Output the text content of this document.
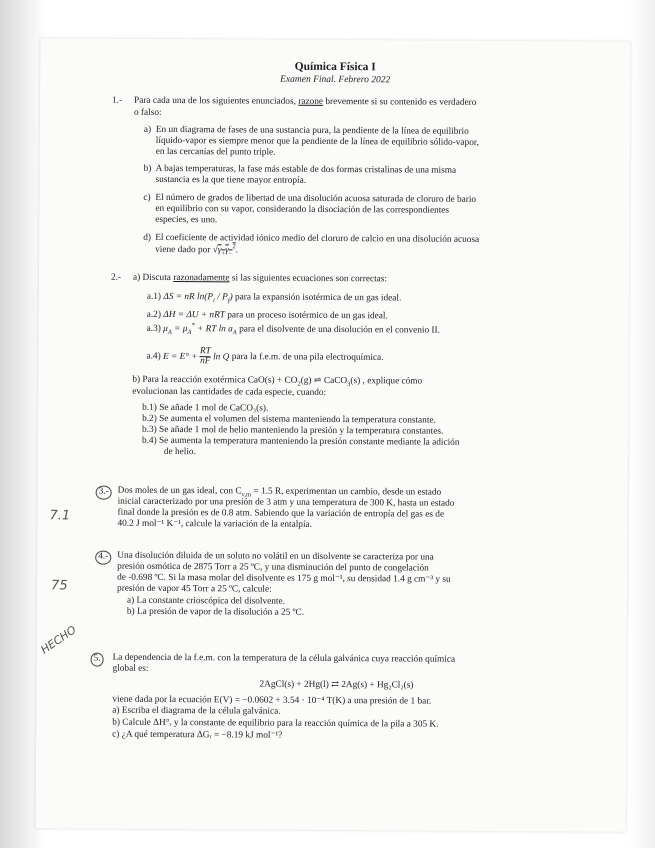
Química Física I
Examen Final. Febrero 2022
1.- Para cada una de los siguientes enunciados, razone brevemente si su contenido es verdadero
o falso:
a) En un diagrama de fases de una sustancia pura, la pendiente de la línea de equilibrio
líquido-vapor es siempre menor que la pendiente de la línea de equilibrio sólido-vapor,
en las cercanías del punto triple.
b) A bajas temperaturas, la fase más estable de dos formas cristalinas de una misma
sustancia es la que tiene mayor entropía.
c) El número de grados de libertad de una disolución acuosa saturada de cloruro de bario
en equilibrio con su vapor, considerando la disociación de las correspondientes
especies, es uno.
d) El coeficiente de actividad iónico medio del cloruro de calcio en una disolución acuosa
viene dado por $√\gamma_+\gamma_-^2$.
2.- a) Discuta razonadamente si las siguientes ecuaciones son correctas:
a.1) ΔS = nR $\ln(P_i / P_f)$ para la expansión isotérmica de un gas ideal.
a.2) ΔH = ΔU + nRT para un proceso isotérmico de un gas ideal.
a.3) $\mu_A = \mu_A^*$ + RT $\ln a_A$ para el disolvente de una disolución en el convenio II.
a.4) $E = E^\circ + \frac{RT}{nF}$ ln Q para la f.e.m. de una pila electroquímica.
b) Para la reacción exotérmica $CaO(s) + CO_2(g)$ ⇌ CaCO$_3$(s) , explique cómo
evolucionan las cantidades de cada especie, cuando:
b.1) Se añade 1 mol de CaCO₃(s).
b.2) Se aumenta el volumen del sistema manteniendo la temperatura constante.
b.3) Se añade 1 mol de helio manteniendo la presión y la temperatura constantes.
b.4) Se aumenta la temperatura manteniendo la presión constante mediante la adición
de helio.
3.- Dos moles de un gas ideal, con $C_{v,m} = 1.5$ R, experimentan un cambio, desde un estado
inicial caracterizado por una presión de 3 atm y una temperatura de 300 K, hasta un estado
final donde la presión es de 0.8 atm. Sabiendo que la variación de entropía del gas es de
40.2 J mol⁻¹ K⁻¹, calcule la variación de la entalpía.
7.1
4.- Una disolución diluida de un soluto no volátil en un disolvente se caracteriza por una
presión osmótica de 2875 Torr a 25 ºC, y una disminución del punto de congelación
de -0.698 ºC. Si la masa molar del disolvente es 175 g mol⁻¹, su densidad 1.4 g cm⁻³ y su
presión de vapor 45 Torr a 25 ºC, calcule:
a) La constante crioscópica del disolvente.
b) La presión de vapor de la disolución a 25 ºC.
75
HECHO
5.	La dependencia de la f.e.m. con la temperatura de la célula galvánica cuya reacción química
global es:
2AgCl(s) + 2Hg(l) ⇄ 2Ag(s) + Hg₂Cl₂(s)
viene dada por la ecuación E(V) = −0.0602 + 3.54 · 10⁻⁴ T(K) a una presión de 1 bar.
a) Escriba el diagrama de la célula galvánica.
b) Calcule ΔH°ᵣ y la constante de equilibrio para la reacción química de la pila a 305 K.
c) ¿A qué temperatura ΔGᵣ = −8.19 kJ mol⁻¹?
